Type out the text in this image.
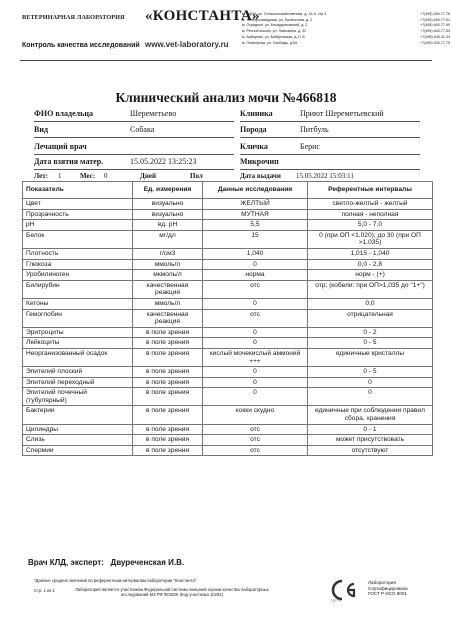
ВЕТЕРИНАРНАЯ ЛАБОРАТОРИЯ «КОНСТАНТА»
Контроль качества исследований www.vet-laboratory.ru
м. ВДНХ, ул. Сельскохозяйственная, д. 16 А, стр.3	+7(495) 645-77-76
м. Электрозаводская, ул. Бухвостова, д. 2	+7(495) 645-77-91
м. Отрадное, ул. Бескудниковский, д. 2	+7(495) 645-77-90
м. Речной вокзал, ул. Лавочкина, д. 32	+7(495) 645-77-53
м. Бибирево, ул. Бибиревская, д.17-Б	+7(495) 645-11-34
м. Планерная, ул. Свободы, д.65	+7(495) 003-77-75
Клинический анализ мочи №466818
ФИО владельца	Шереметьево	Клиника	Приют Шереметьевский
Вид	Собака	Порода	Питбуль
Лечащий врач	Кличка	Берис
Дата взятия матер.	15.05.2022 13:25:23	Микрочип
Лет: 1	Мес: 0	Дней	Пол	Дата выдачи 15.05.2022 15:03:11
Показатель	Ед. измерения	Данные исследования	Референтные интервалы
Цвет	визуально	ЖЕЛТЫЙ	светло-желтый - желтый
Прозрачность	визуально	МУТНАЯ	полная - неполная
pH	ед. pH	5,5	5,0 - 7,0
Белок	мг/дл	15	0 (при ОП <1.020); до 30 (при ОП >1.035)
Плотность	г/см3	1,040	1,015 - 1,040
Глюкоза	ммоль/л	0	0,0 - 2,8
Уробилиноген	мкмоль/л	норма	норм - (+)
Билирубин	качественная реакция	отс	отр; (кобели: при ОП>1,035 до "1+")
Кетоны	ммоль/л	0	0,0
Гемоглобин	качественная реакция	отс	отрицательная
Эритроциты	в поле зрения	0	0 - 2
Лейкоциты	в поле зрения	0	0 - 5
Неорганизованный осадок	в поле зрения	кислый мочекислый аммоний +++	единичные кристаллы
Эпителий плоский	в поле зрения	0	0 - 5
Эпителий переходный	в поле зрения	0	0
Эпителий почечный (тубулярный)	в поле зрения	0	0
Бактерии	в поле зрения	кокки скудно	единичные при соблюдении правил сбора, хранения
Цилиндры	в поле зрения	отс	0 - 1
Слизь	в поле зрения	отс	может присутствовать
Спермии	в поле зрения	отс	отсутствуют
Врач КЛД, эксперт: Двуреченская И.В.
*Данные средних значений по референтным интервалам лаборатории "Константа"
Стр. 1 из 1	Лаборатория является участником Федеральной системы внешней оценки качества лабораторных исследований МЗ РФ ФСВОК (Код участника 10292)
ГОСТ Р
Лаборатория
Сертифицирована
ГОСТ Р ИСО 9001
